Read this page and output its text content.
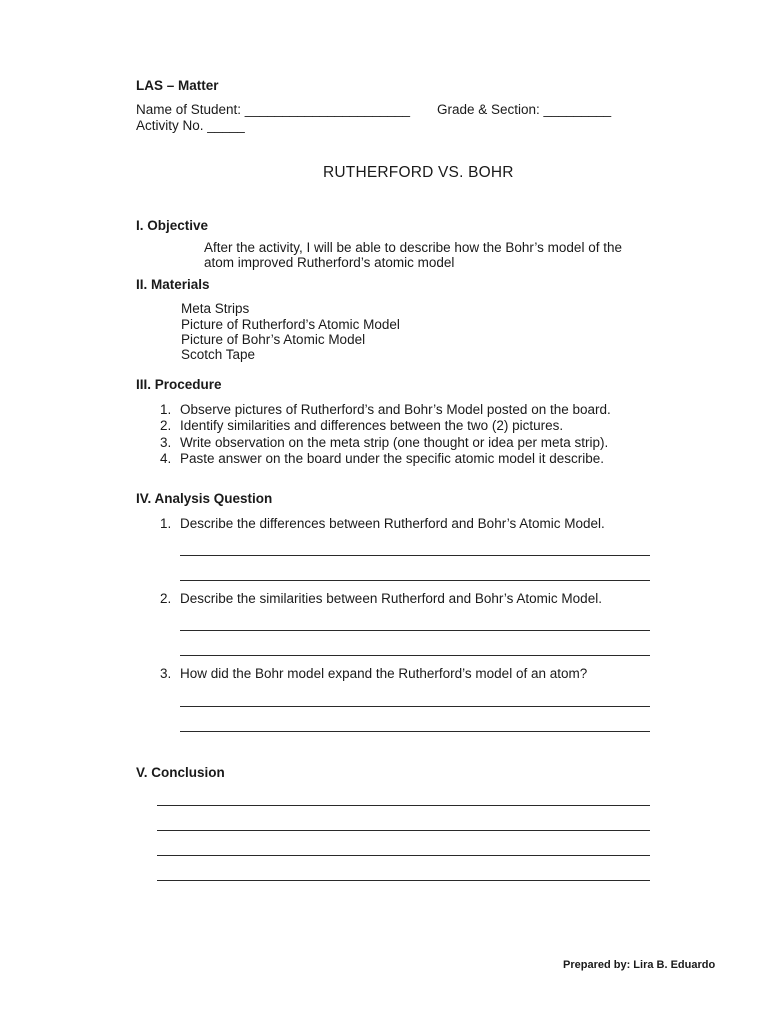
LAS – Matter
Name of Student: ______________________ Grade & Section: _________
Activity No. _____
RUTHERFORD VS. BOHR
I. Objective
After the activity, I will be able to describe how the Bohr’s model of the
atom improved Rutherford’s atomic model
II. Materials
Meta Strips
Picture of Rutherford’s Atomic Model
Picture of Bohr’s Atomic Model
Scotch Tape
III. Procedure
1. Observe pictures of Rutherford’s and Bohr’s Model posted on the board.
2. Identify similarities and differences between the two (2) pictures.
3. Write observation on the meta strip (one thought or idea per meta strip).
4. Paste answer on the board under the specific atomic model it describe.
IV. Analysis Question
1. Describe the differences between Rutherford and Bohr’s Atomic Model.
2. Describe the similarities between Rutherford and Bohr’s Atomic Model.
3. How did the Bohr model expand the Rutherford’s model of an atom?
V. Conclusion
Prepared by: Lira B. Eduardo
